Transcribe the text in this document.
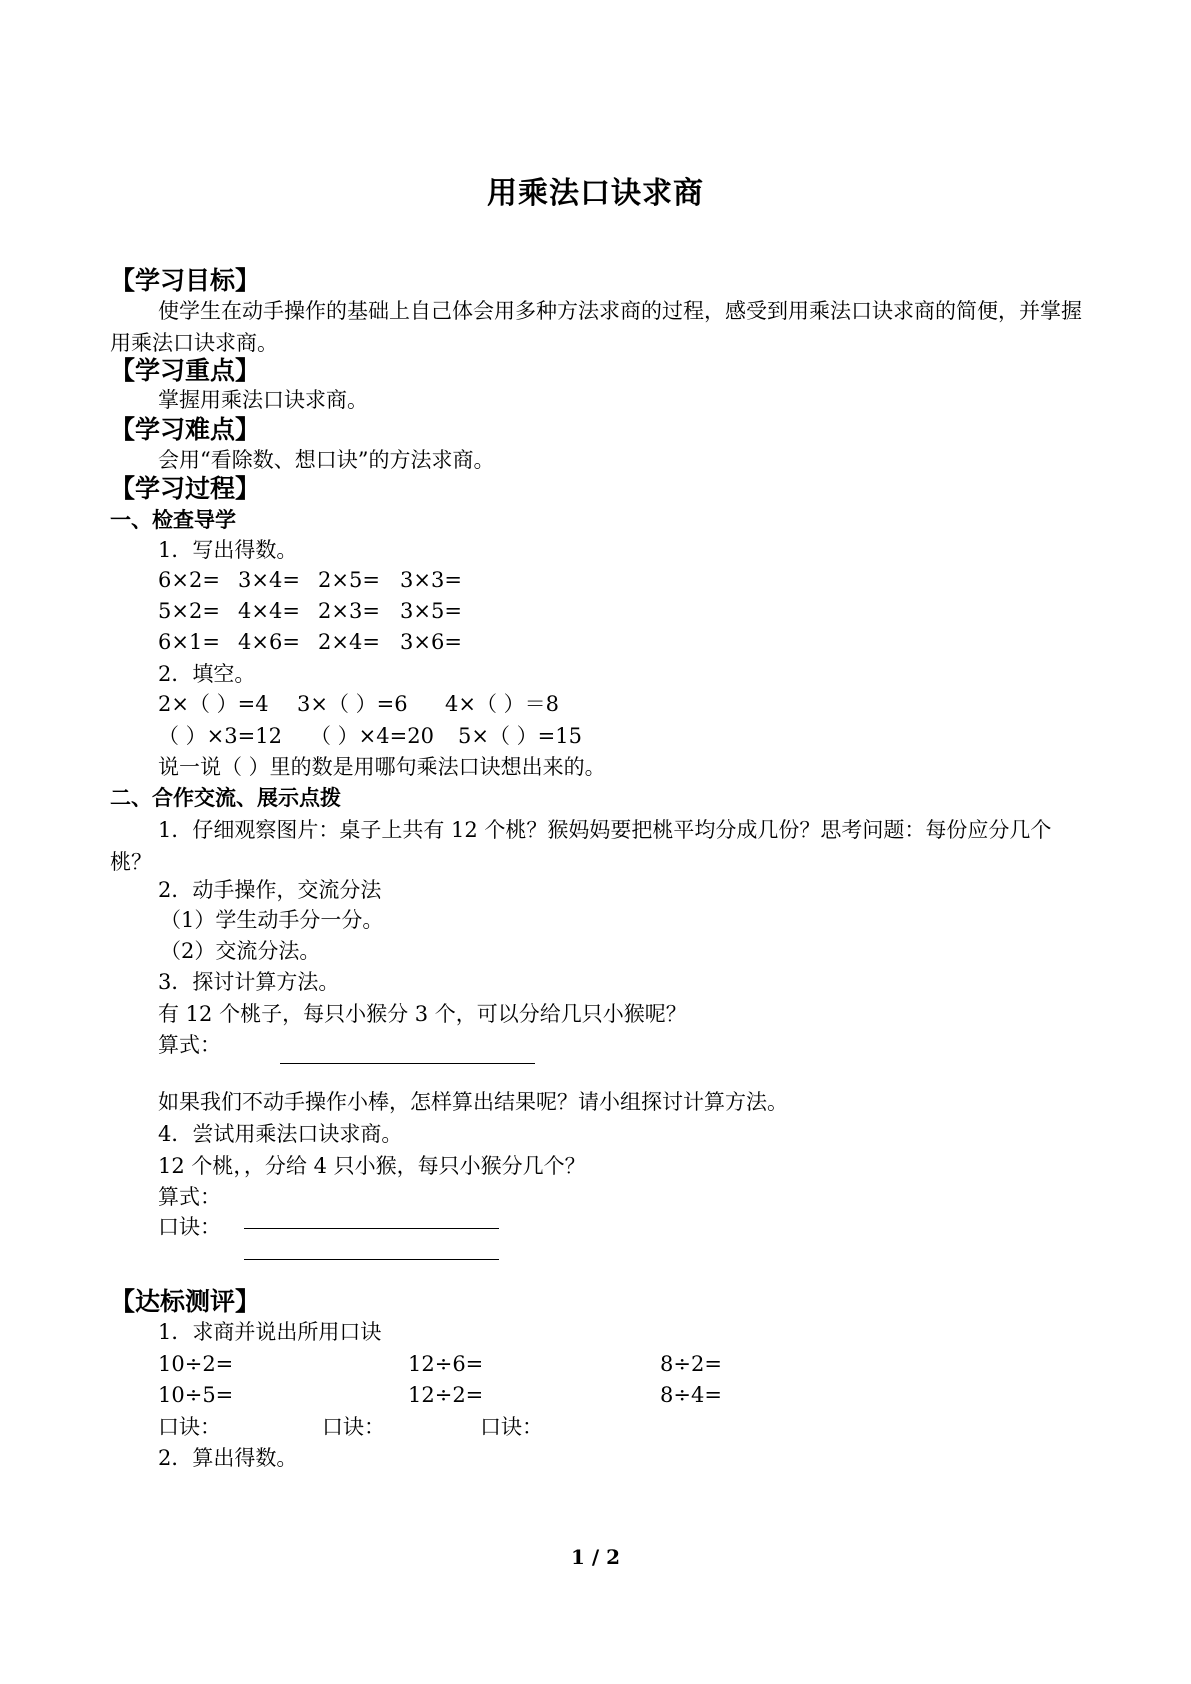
用乘法口诀求商
【学习目标】
使学生在动手操作的基础上自己体会用多种方法求商的过程，感受到用乘法口诀求商的简便，并掌握用乘法口诀求商。
【学习重点】
掌握用乘法口诀求商。
【学习难点】
会用“看除数、想口诀”的方法求商。
【学习过程】
一、检查导学
1．写出得数。
6×2= 3×4= 2×5= 3×3=
5×2= 4×4= 2×3= 3×5=
6×1= 4×6= 2×4= 3×6=
2．填空。
2×（ ）=4 3×（ ）=6 4×（ ）＝8
（ ）×3=12 （ ）×4=20 5×（ ）=15
说一说（ ）里的数是用哪句乘法口诀想出来的。
二、合作交流、展示点拨
1．仔细观察图片：桌子上共有 12 个桃？猴妈妈要把桃平均分成几份？思考问题：每份应分几个桃？
2．动手操作，交流分法
（1）学生动手分一分。
（2）交流分法。
3．探讨计算方法。
有 12 个桃子，每只小猴分 3 个，可以分给几只小猴呢？
算式：
如果我们不动手操作小棒，怎样算出结果呢？请小组探讨计算方法。
4．尝试用乘法口诀求商。
12 个桃，，分给 4 只小猴，每只小猴分几个？
算式：
口诀：
【达标测评】
1．求商并说出所用口诀
10÷2=	12÷6=	8÷2=
10÷5=	12÷2=	8÷4=
口诀：	口诀：	口诀：
2．算出得数。
1 / 2
